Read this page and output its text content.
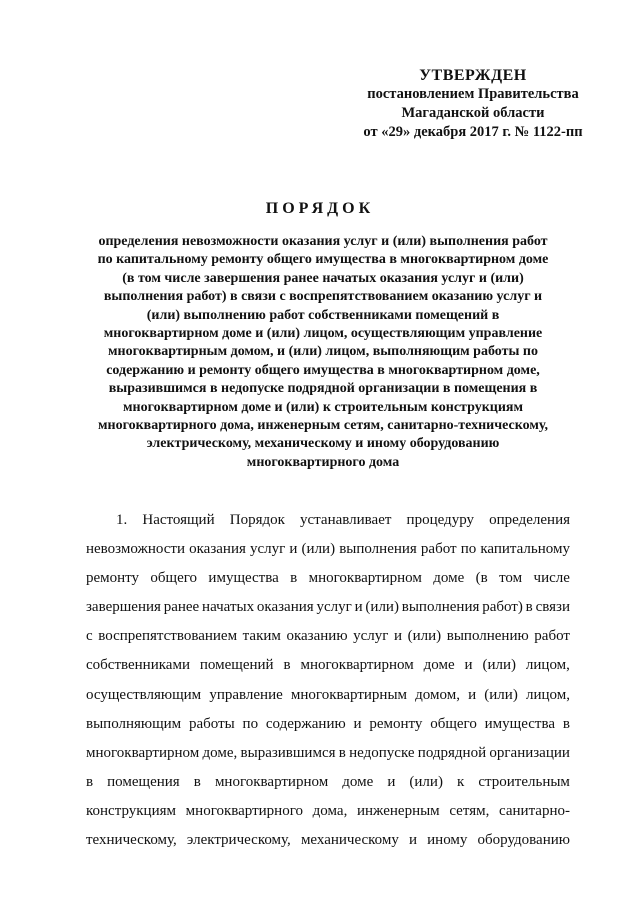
УТВЕРЖДЕН
постановлением Правительства
Магаданской области
от «29» декабря 2017 г. № 1122-пп
ПОРЯДОК
определения невозможности оказания услуг и (или) выполнения работ
по капитальному ремонту общего имущества в многоквартирном доме
(в том числе завершения ранее начатых оказания услуг и (или)
выполнения работ) в связи с воспрепятствованием оказанию услуг и
(или) выполнению работ собственниками помещений в
многоквартирном доме и (или) лицом, осуществляющим управление
многоквартирным домом, и (или) лицом, выполняющим работы по
содержанию и ремонту общего имущества в многоквартирном доме,
выразившимся в недопуске подрядной организации в помещения в
многоквартирном доме и (или) к строительным конструкциям
многоквартирного дома, инженерным сетям, санитарно-техническому,
электрическому, механическому и иному оборудованию
многоквартирного дома
1. Настоящий Порядок устанавливает процедуру определения
невозможности оказания услуг и (или) выполнения работ по капитальному
ремонту общего имущества в многоквартирном доме (в том числе
завершения ранее начатых оказания услуг и (или) выполнения работ) в связи
с воспрепятствованием таким оказанию услуг и (или) выполнению работ
собственниками помещений в многоквартирном доме и (или) лицом,
осуществляющим управление многоквартирным домом, и (или) лицом,
выполняющим работы по содержанию и ремонту общего имущества в
многоквартирном доме, выразившимся в недопуске подрядной организации
в помещения в многоквартирном доме и (или) к строительным
конструкциям многоквартирного дома, инженерным сетям, санитарно-
техническому, электрическому, механическому и иному оборудованию
